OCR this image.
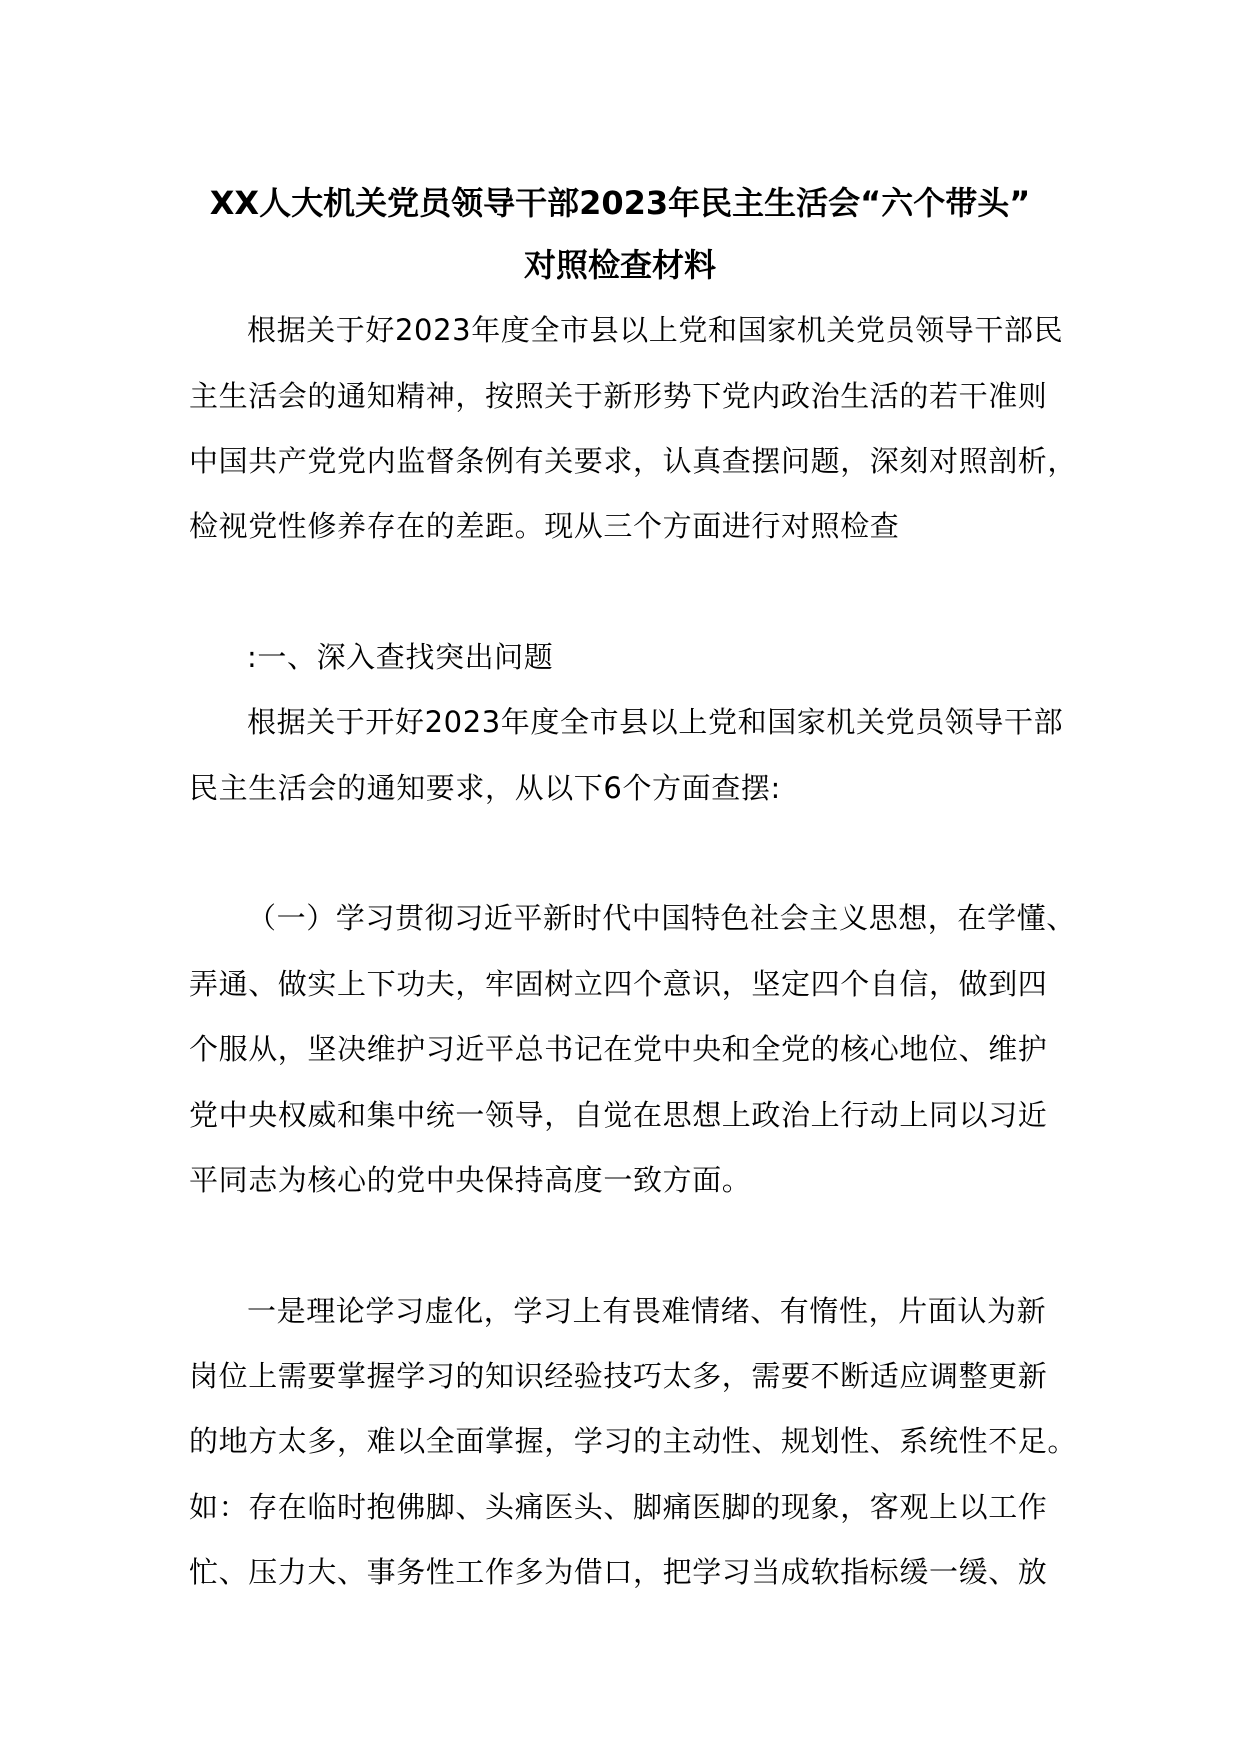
XX人大机关党员领导干部2023年民主生活会“六个带头”
对照检查材料
根据关于好2023年度全市县以上党和国家机关党员领导干部民
主生活会的通知精神，按照关于新形势下党内政治生活的若干准则
中国共产党党内监督条例有关要求，认真查摆问题，深刻对照剖析，
检视党性修养存在的差距。现从三个方面进行对照检查
:一、深入查找突出问题
根据关于开好2023年度全市县以上党和国家机关党员领导干部
民主生活会的通知要求，从以下6个方面查摆:
（一）学习贯彻习近平新时代中国特色社会主义思想，在学懂、
弄通、做实上下功夫，牢固树立四个意识，坚定四个自信，做到四
个服从，坚决维护习近平总书记在党中央和全党的核心地位、维护
党中央权威和集中统一领导，自觉在思想上政治上行动上同以习近
平同志为核心的党中央保持高度一致方面。
一是理论学习虚化，学习上有畏难情绪、有惰性，片面认为新
岗位上需要掌握学习的知识经验技巧太多，需要不断适应调整更新
的地方太多，难以全面掌握，学习的主动性、规划性、系统性不足。
如：存在临时抱佛脚、头痛医头、脚痛医脚的现象，客观上以工作
忙、压力大、事务性工作多为借口，把学习当成软指标缓一缓、放
